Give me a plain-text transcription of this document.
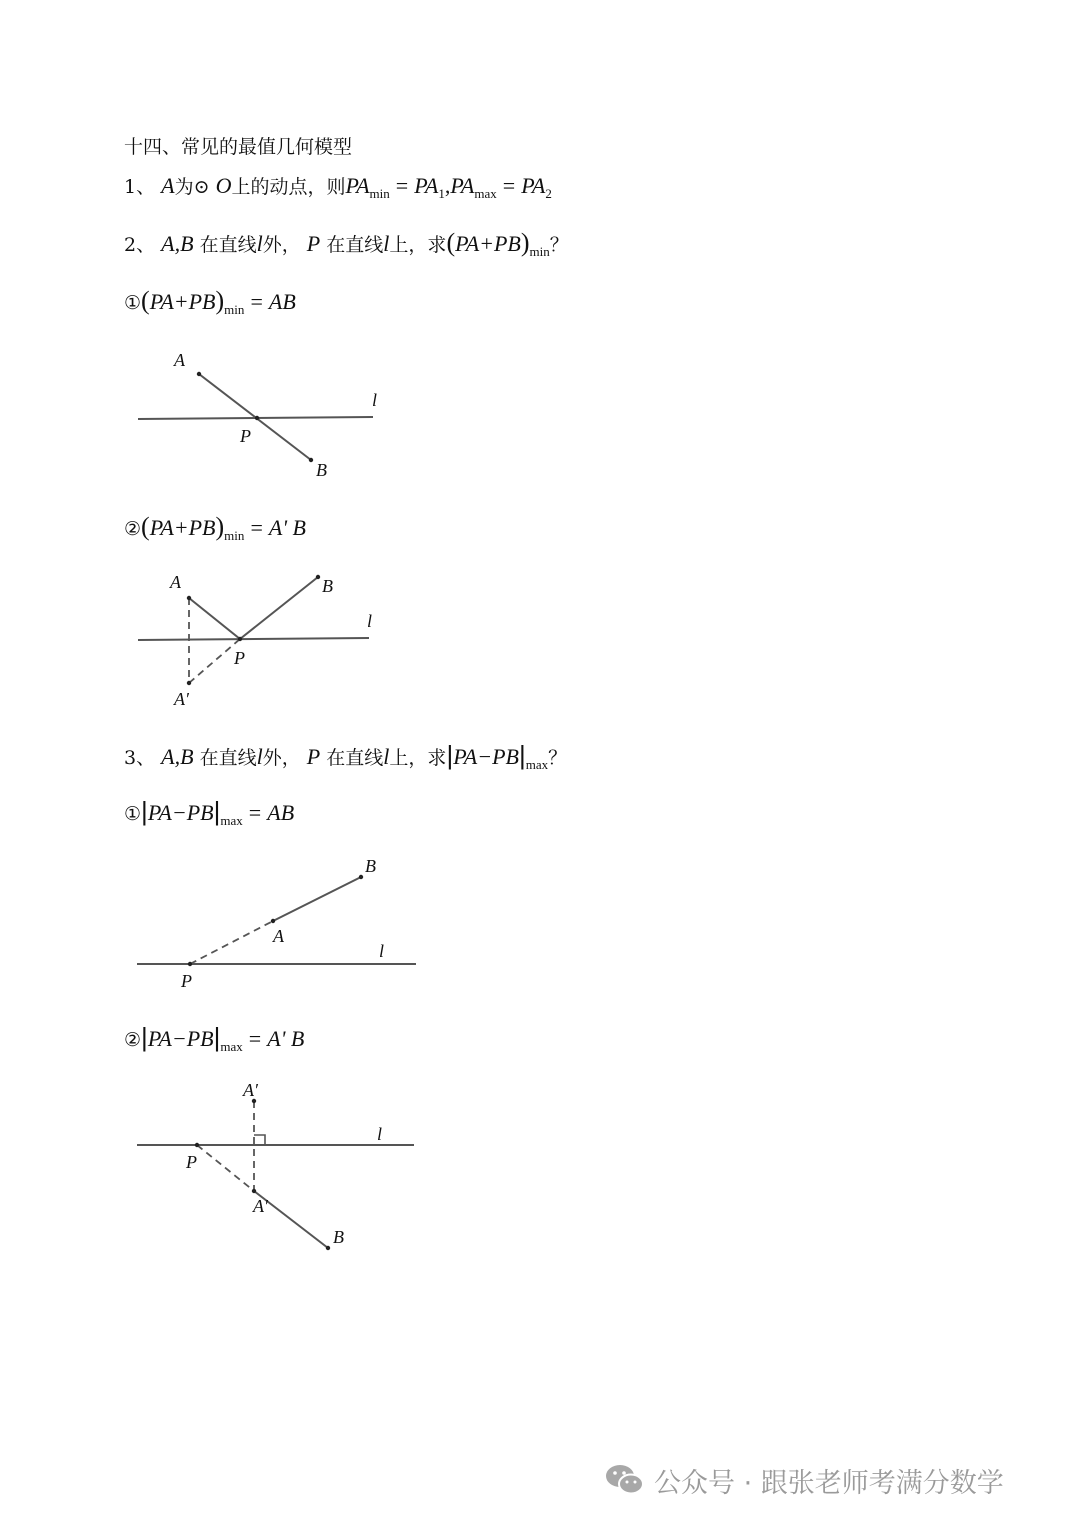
十四、常见的最值几何模型
1、 A为⊙ O上的动点，则$PA_{min} = PA_1,PA_{max} = PA_2$
2、 A,B 在直线l外， P 在直线l上，求$(PA+PB)_{min}$？
$①(PA+PB)_{min}$ = AB
A
l
P
B
$②(PA+PB)_{min} = A'$ B
A	B
l
P
A′
3、 A,B 在直线l外， P 在直线l上，求$|PA-PB|_{max}$？
$①|PA-PB|_{max}$ = AB
B
A
l
P
$②|PA-PB|_{max} = A'$ B
A′
l
P
A′
B
公众号 · 跟张老师考满分数学
